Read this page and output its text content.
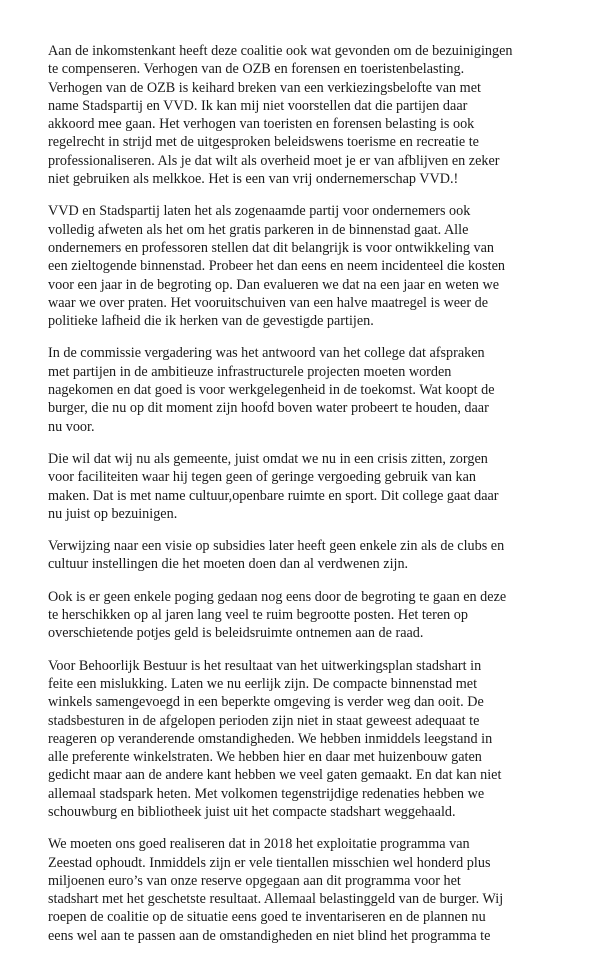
Aan de inkomstenkant heeft deze coalitie ook wat gevonden om de bezuinigingen
te compenseren. Verhogen van de OZB en forensen en toeristenbelasting.
Verhogen van de OZB is keihard breken van een verkiezingsbelofte van met
name Stadspartij en VVD. Ik kan mij niet voorstellen dat die partijen daar
akkoord mee gaan. Het verhogen van toeristen en forensen belasting is ook
regelrecht in strijd met de uitgesproken beleidswens toerisme en recreatie te
professionaliseren. Als je dat wilt als overheid moet je er van afblijven en zeker
niet gebruiken als melkkoe. Het is een van vrij ondernemerschap VVD.!
VVD en Stadspartij laten het als zogenaamde partij voor ondernemers ook
volledig afweten als het om het gratis parkeren in de binnenstad gaat. Alle
ondernemers en professoren stellen dat dit belangrijk is voor ontwikkeling van
een zieltogende binnenstad. Probeer het dan eens en neem incidenteel die kosten
voor een jaar in de begroting op. Dan evalueren we dat na een jaar en weten we
waar we over praten. Het vooruitschuiven van een halve maatregel is weer de
politieke lafheid die ik herken van de gevestigde partijen.
In de commissie vergadering was het antwoord van het college dat afspraken
met partijen in de ambitieuze infrastructurele projecten moeten worden
nagekomen en dat goed is voor werkgelegenheid in de toekomst. Wat koopt de
burger, die nu op dit moment zijn hoofd boven water probeert te houden, daar
nu voor.
Die wil dat wij nu als gemeente, juist omdat we nu in een crisis zitten, zorgen
voor faciliteiten waar hij tegen geen of geringe vergoeding gebruik van kan
maken. Dat is met name cultuur,openbare ruimte en sport. Dit college gaat daar
nu juist op bezuinigen.
Verwijzing naar een visie op subsidies later heeft geen enkele zin als de clubs en
cultuur instellingen die het moeten doen dan al verdwenen zijn.
Ook is er geen enkele poging gedaan nog eens door de begroting te gaan en deze
te herschikken op al jaren lang veel te ruim begrootte posten. Het teren op
overschietende potjes geld is beleidsruimte ontnemen aan de raad.
Voor Behoorlijk Bestuur is het resultaat van het uitwerkingsplan stadshart in
feite een mislukking. Laten we nu eerlijk zijn. De compacte binnenstad met
winkels samengevoegd in een beperkte omgeving is verder weg dan ooit. De
stadsbesturen in de afgelopen perioden zijn niet in staat geweest adequaat te
reageren op veranderende omstandigheden. We hebben inmiddels leegstand in
alle preferente winkelstraten. We hebben hier en daar met huizenbouw gaten
gedicht maar aan de andere kant hebben we veel gaten gemaakt. En dat kan niet
allemaal stadspark heten. Met volkomen tegenstrijdige redenaties hebben we
schouwburg en bibliotheek juist uit het compacte stadshart weggehaald.
We moeten ons goed realiseren dat in 2018 het exploitatie programma van
Zeestad ophoudt. Inmiddels zijn er vele tientallen misschien wel honderd plus
miljoenen euro’s van onze reserve opgegaan aan dit programma voor het
stadshart met het geschetste resultaat. Allemaal belastinggeld van de burger. Wij
roepen de coalitie op de situatie eens goed te inventariseren en de plannen nu
eens wel aan te passen aan de omstandigheden en niet blind het programma te
